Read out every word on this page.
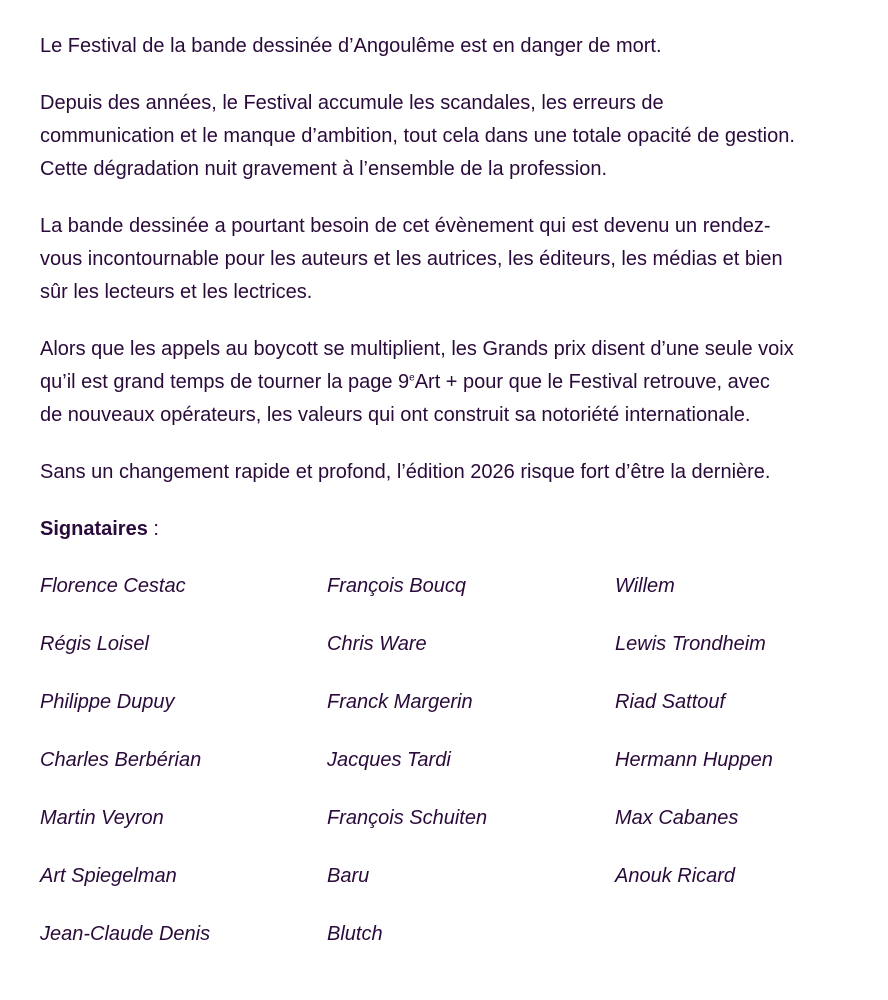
Le Festival de la bande dessinée d’Angoulême est en danger de mort.

Depuis des années, le Festival accumule les scandales, les erreurs de
communication et le manque d’ambition, tout cela dans une totale opacité de gestion.
Cette dégradation nuit gravement à l’ensemble de la profession.

La bande dessinée a pourtant besoin de cet évènement qui est devenu un rendez-
vous incontournable pour les auteurs et les autrices, les éditeurs, les médias et bien
sûr les lecteurs et les lectrices.

Alors que les appels au boycott se multiplient, les Grands prix disent d’une seule voix
qu’il est grand temps de tourner la page $9^eArt$ + pour que le Festival retrouve, avec
de nouveaux opérateurs, les valeurs qui ont construit sa notoriété internationale.

Sans un changement rapide et profond, l’édition 2026 risque fort d’être la dernière.

Signataires :

Florence Cestac	François Boucq	Willem
Régis Loisel	Chris Ware	Lewis Trondheim
Philippe Dupuy	Franck Margerin	Riad Sattouf
Charles Berbérian	Jacques Tardi	Hermann Huppen
Martin Veyron	François Schuiten	Max Cabanes
Art Spiegelman	Baru	Anouk Ricard
Jean-Claude Denis	Blutch
